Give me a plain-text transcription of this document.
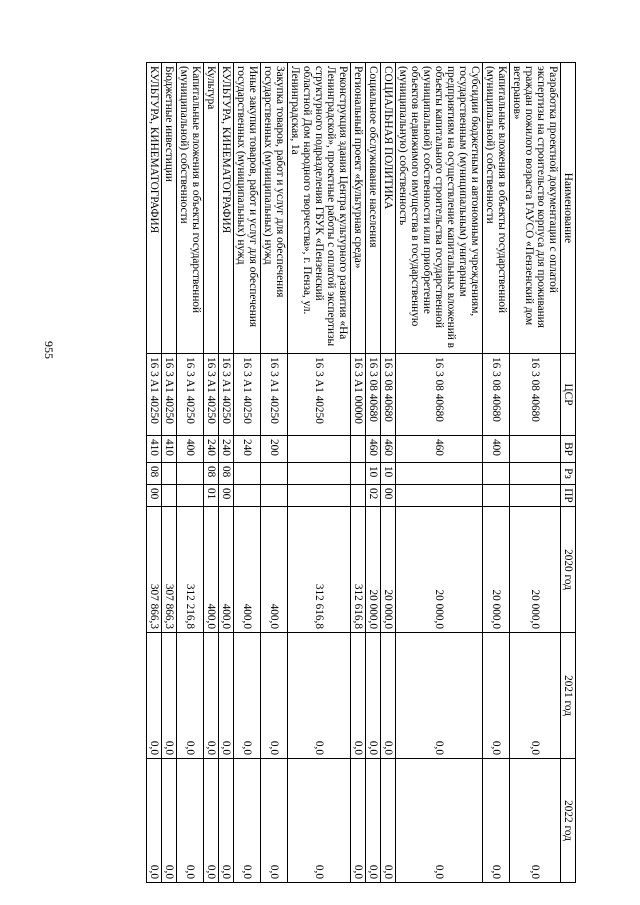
955
Наименование	ЦСР	ВР	Рз	ПР	2020 год	2021 год	2022 год
Разработка проектной документации с оплатой экспертизы на строительство корпуса для проживания граждан пожилого возраста ГАУСО «Пензенский дом ветеранов»	16 3 08 40680				20 000,0	0,0	0,0
Капитальные вложения в объекты государственной (муниципальной) собственности	16 3 08 40680	400			20 000,0	0,0	0,0
Субсидии бюджетным и автономным учреждениям, государственным (муниципальным) унитарным предприятиям на осуществление капитальных вложений в объекты капитального строительства государственной (муниципальной) собственности или приобретение объектов недвижимого имущества в государственную (муниципальную) собственность	16 3 08 40680	460			20 000,0	0,0	0,0
СОЦИАЛЬНАЯ ПОЛИТИКА	16 3 08 40680	460	10	00	20 000,0	0,0	0,0
Социальное обслуживание населения	16 3 08 40680	460	10	02	20 000,0	0,0	0,0
Региональный проект «Культурная среда»	16 3 A1 00000				312 616,8	0,0	0,0
Реконструкция здания Центра культурного развития «На Ленинградской», проектные работы с оплатой экспертизы структурного подразделения ГБУК «Пензенский областной Дом народного творчества», г. Пенза, ул. Ленинградская, 1а	16 3 A1 40250				312 616,8	0,0	0,0
Закупка товаров, работ и услуг для обеспечения государственных (муниципальных) нужд	16 3 A1 40250	200			400,0	0,0	0,0
Иные закупки товаров, работ и услуг для обеспечения государственных (муниципальных) нужд	16 3 A1 40250	240			400,0	0,0	0,0
КУЛЬТУРА, КИНЕМАТОГРАФИЯ	16 3 A1 40250	240	08	00	400,0	0,0	0,0
Культура	16 3 A1 40250	240	08	01	400,0	0,0	0,0
Капитальные вложения в объекты государственной (муниципальной) собственности	16 3 A1 40250	400			312 216,8	0,0	0,0
Бюджетные инвестиции	16 3 A1 40250	410			307 866,3	0,0	0,0
КУЛЬТУРА, КИНЕМАТОГРАФИЯ	16 3 A1 40250	410	08	00	307 866,3	0,0	0,0
